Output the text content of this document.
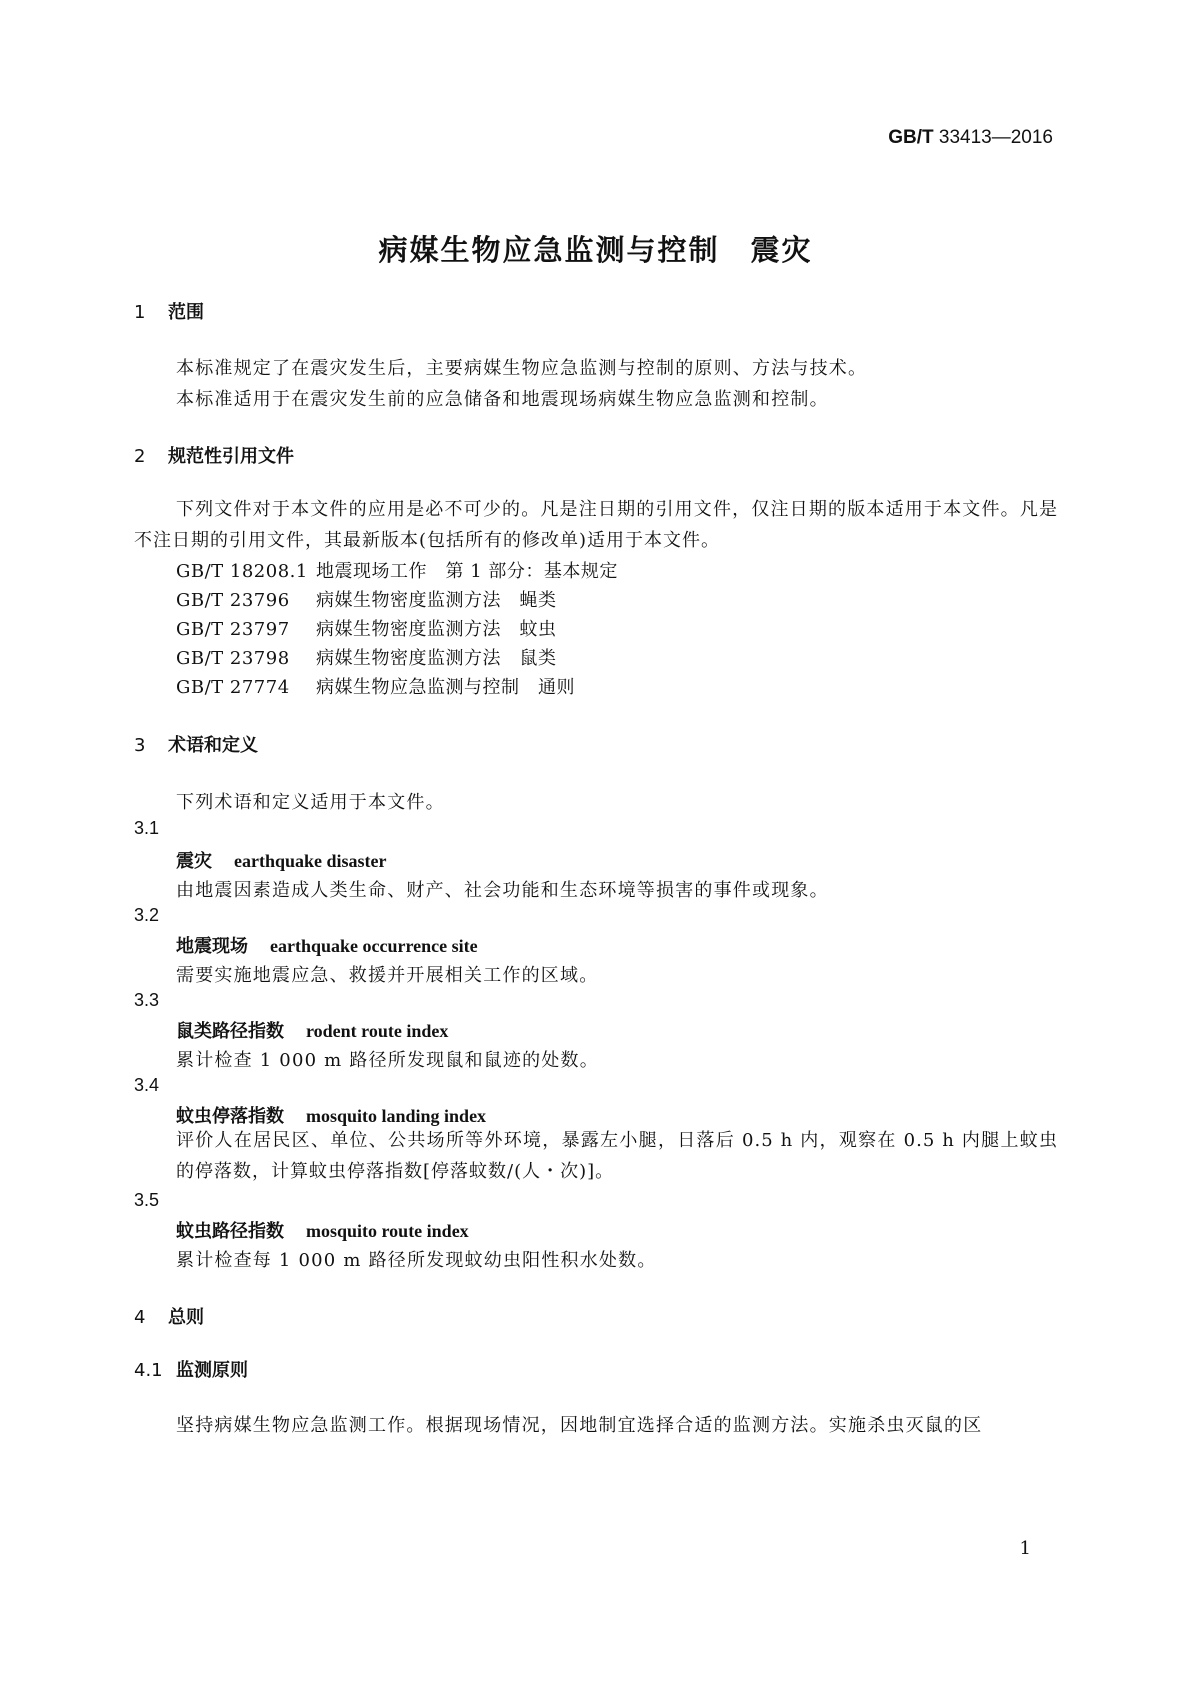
GB/T 33413—2016
病媒生物应急监测与控制　震灾
1 范围
本标准规定了在震灾发生后，主要病媒生物应急监测与控制的原则、方法与技术。
本标准适用于在震灾发生前的应急储备和地震现场病媒生物应急监测和控制。
2 规范性引用文件
下列文件对于本文件的应用是必不可少的。凡是注日期的引用文件，仅注日期的版本适用于本文件。凡是不注日期的引用文件，其最新版本(包括所有的修改单)适用于本文件。
GB/T 18208.1 地震现场工作　第 1 部分：基本规定
GB/T 23796 病媒生物密度监测方法　蝇类
GB/T 23797 病媒生物密度监测方法　蚊虫
GB/T 23798 病媒生物密度监测方法　鼠类
GB/T 27774 病媒生物应急监测与控制　通则
3 术语和定义
下列术语和定义适用于本文件。
3.1
震灾 earthquake disaster
由地震因素造成人类生命、财产、社会功能和生态环境等损害的事件或现象。
3.2
地震现场 earthquake occurrence site
需要实施地震应急、救援并开展相关工作的区域。
3.3
鼠类路径指数 rodent route index
累计检查 1 000 m 路径所发现鼠和鼠迹的处数。
3.4
蚊虫停落指数 mosquito landing index
评价人在居民区、单位、公共场所等外环境，暴露左小腿，日落后 0.5 h 内，观察在 0.5 h 内腿上蚊虫的停落数，计算蚊虫停落指数[停落蚊数/(人・次)]。
3.5
蚊虫路径指数 mosquito route index
累计检查每 1 000 m 路径所发现蚊幼虫阳性积水处数。
4 总则
4.1 监测原则
坚持病媒生物应急监测工作。根据现场情况，因地制宜选择合适的监测方法。实施杀虫灭鼠的区
1
